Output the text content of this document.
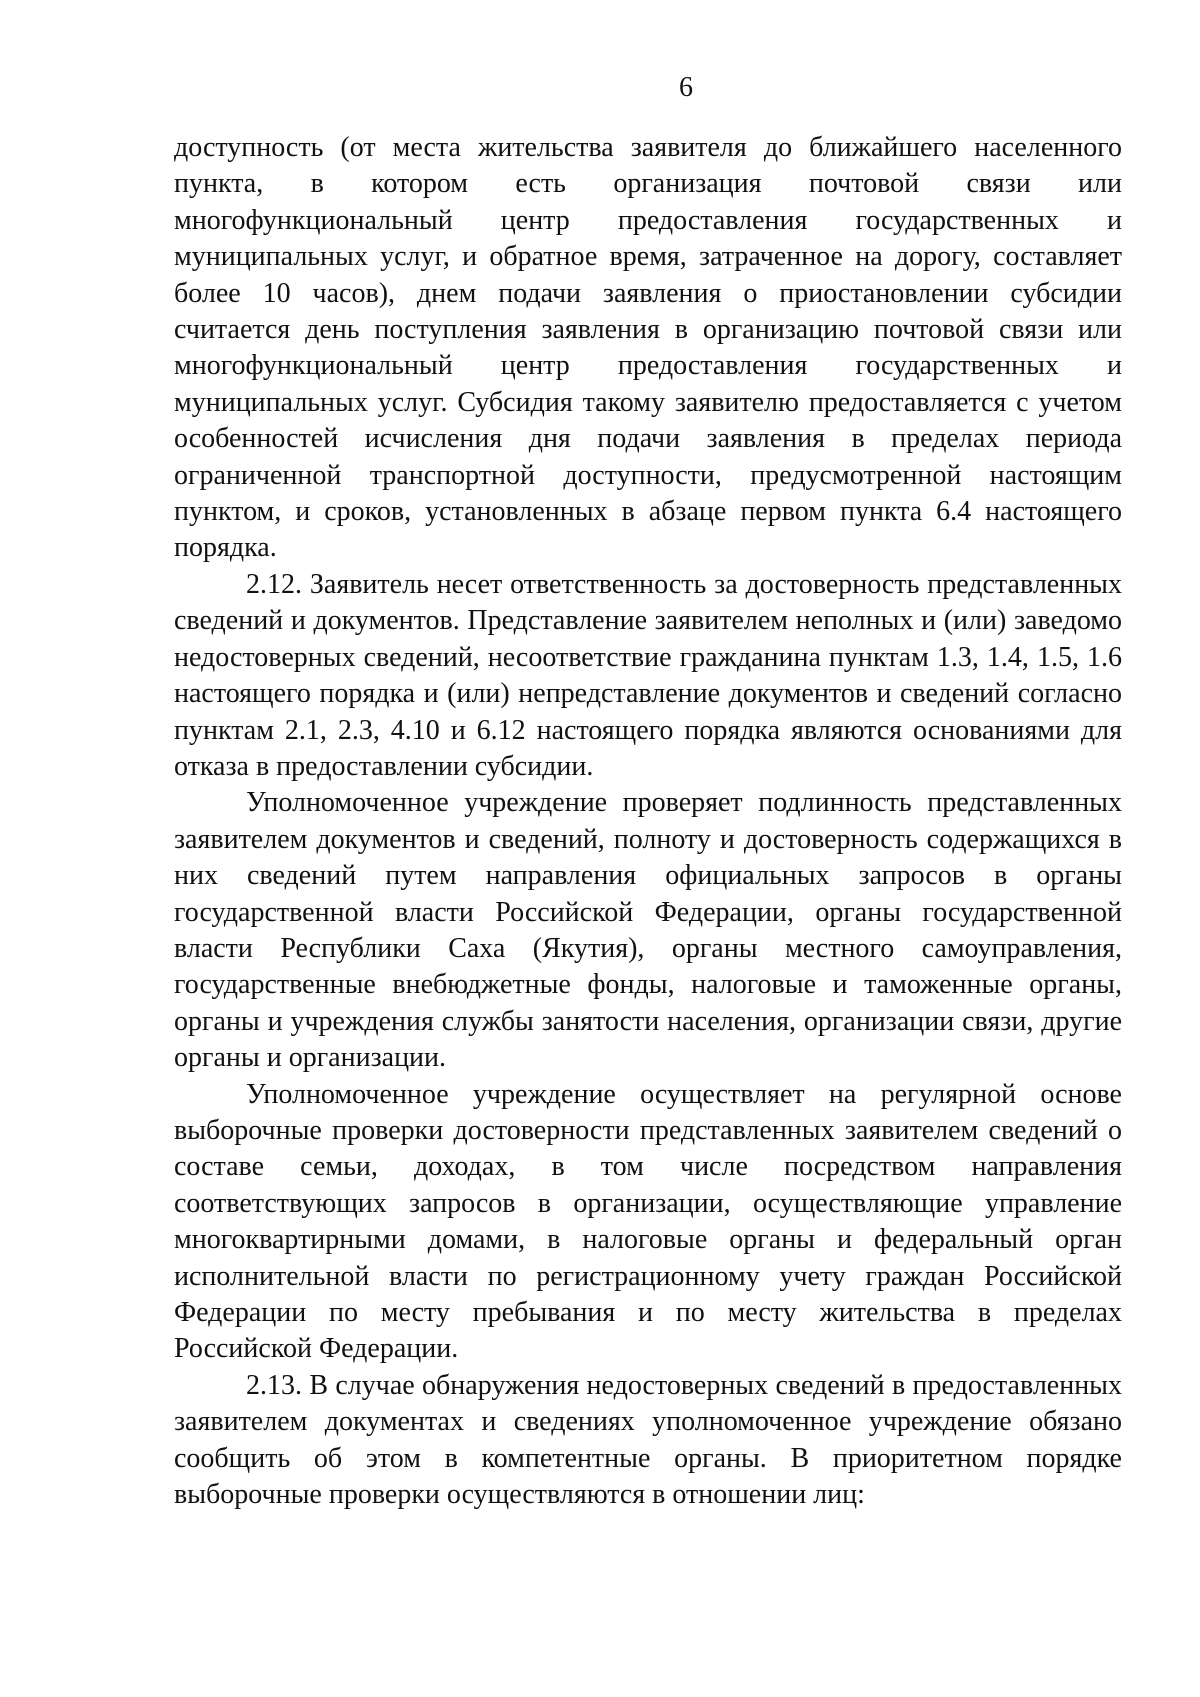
6

доступность (от места жительства заявителя до ближайшего населенного пункта, в котором есть организация почтовой связи или многофункциональный центр предоставления государственных и муниципальных услуг, и обратное время, затраченное на дорогу, составляет более 10 часов), днем подачи заявления о приостановлении субсидии считается день поступления заявления в организацию почтовой связи или многофункциональный центр предоставления государственных и муниципальных услуг. Субсидия такому заявителю предоставляется с учетом особенностей исчисления дня подачи заявления в пределах периода ограниченной транспортной доступности, предусмотренной настоящим пунктом, и сроков, установленных в абзаце первом пункта 6.4 настоящего порядка.

2.12. Заявитель несет ответственность за достоверность представленных сведений и документов. Представление заявителем неполных и (или) заведомо недостоверных сведений, несоответствие гражданина пунктам 1.3, 1.4, 1.5, 1.6 настоящего порядка и (или) непредставление документов и сведений согласно пунктам 2.1, 2.3, 4.10 и 6.12 настоящего порядка являются основаниями для отказа в предоставлении субсидии.

Уполномоченное учреждение проверяет подлинность представленных заявителем документов и сведений, полноту и достоверность содержащихся в них сведений путем направления официальных запросов в органы государственной власти Российской Федерации, органы государственной власти Республики Саха (Якутия), органы местного самоуправления, государственные внебюджетные фонды, налоговые и таможенные органы, органы и учреждения службы занятости населения, организации связи, другие органы и организации.

Уполномоченное учреждение осуществляет на регулярной основе выборочные проверки достоверности представленных заявителем сведений о составе семьи, доходах, в том числе посредством направления соответствующих запросов в организации, осуществляющие управление многоквартирными домами, в налоговые органы и федеральный орган исполнительной власти по регистрационному учету граждан Российской Федерации по месту пребывания и по месту жительства в пределах Российской Федерации.

2.13. В случае обнаружения недостоверных сведений в предоставленных заявителем документах и сведениях уполномоченное учреждение обязано сообщить об этом в компетентные органы. В приоритетном порядке выборочные проверки осуществляются в отношении лиц:
